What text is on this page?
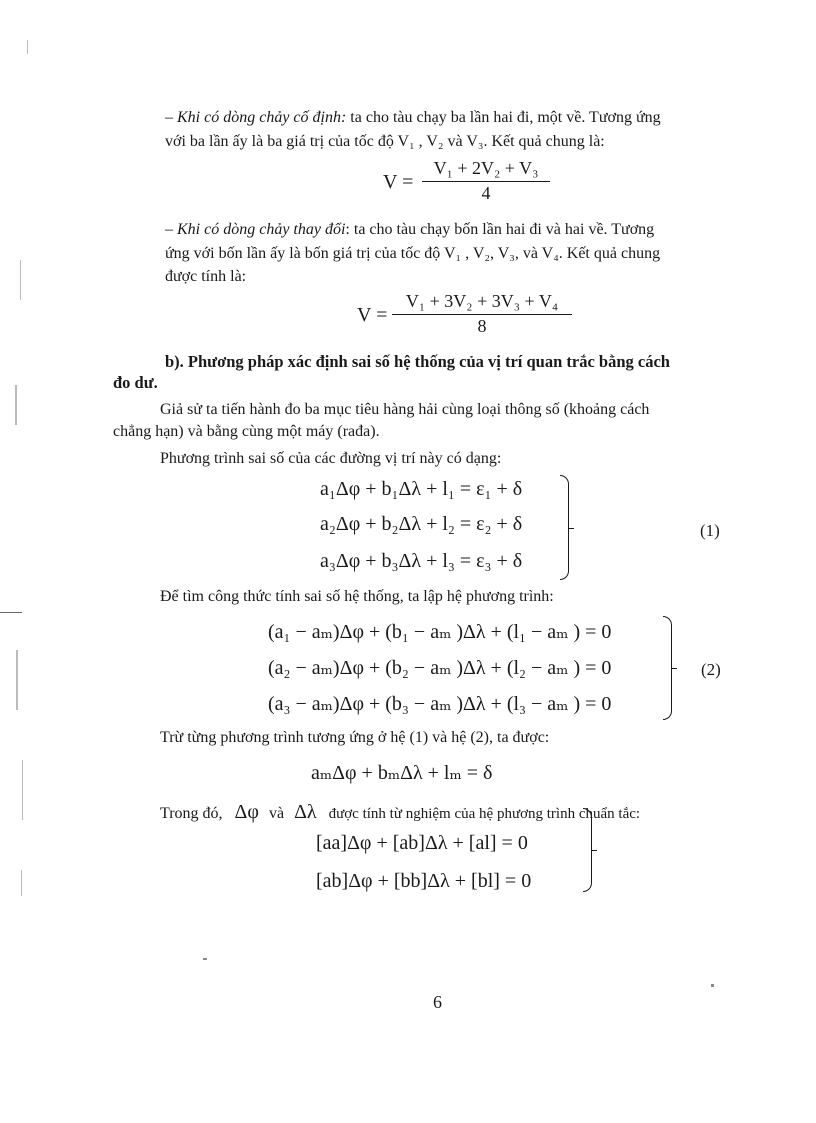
– Khi có dòng chảy cố định: ta cho tàu chạy ba lần hai đi, một về. Tương ứng
với ba lần ấy là ba giá trị của tốc độ V₁ , V₂ và V₃. Kết quả chung là:
$V = \frac{\text{V₁ + 2V₂ + V₃}}{4}$
– Khi có dòng chảy thay đổi: ta cho tàu chạy bốn lần hai đi và hai về. Tương
ứng với bốn lần ấy là bốn giá trị của tốc độ V₁ , V₂, V₃, và V₄. Kết quả chung
được tính là:
$V = \frac{\text{V₁ + 3V₂ + 3V₃ + V₄}}{8}$
b). Phương pháp xác định sai số hệ thống của vị trí quan trắc bằng cách
đo dư.
Giả sử ta tiến hành đo ba mục tiêu hàng hải cùng loại thông số (khoảng cách
chẳng hạn) và bằng cùng một máy (rađa).
Phương trình sai số của các đường vị trí này có dạng:
a₁Δφ + b₁Δλ + l₁ = ε₁ + δ
a₂Δφ + b₂Δλ + l₂ = ε₂ + δ
a₃Δφ + b₃Δλ + l₃ = ε₃ + δ
(1)
Để tìm công thức tính sai số hệ thống, ta lập hệ phương trình:
(a₁ − aₘ)Δφ + (b₁ − aₘ )Δλ + (l₁ − aₘ ) = 0
(a₂ − aₘ)Δφ + (b₂ − aₘ )Δλ + (l₂ − aₘ ) = 0
(a₃ − aₘ)Δφ + (b₃ − aₘ )Δλ + (l₃ − aₘ ) = 0
(2)
Trừ từng phương trình tương ứng ở hệ (1) và hệ (2), ta được:
aₘΔφ + bₘΔλ + lₘ = δ
Trong đó, Δφ và Δλ được tính từ nghiệm của hệ phương trình chuẩn tắc:
[aa]Δφ + [ab]Δλ + [al] = 0
[ab]Δφ + [bb]Δλ + [bl] = 0
6
